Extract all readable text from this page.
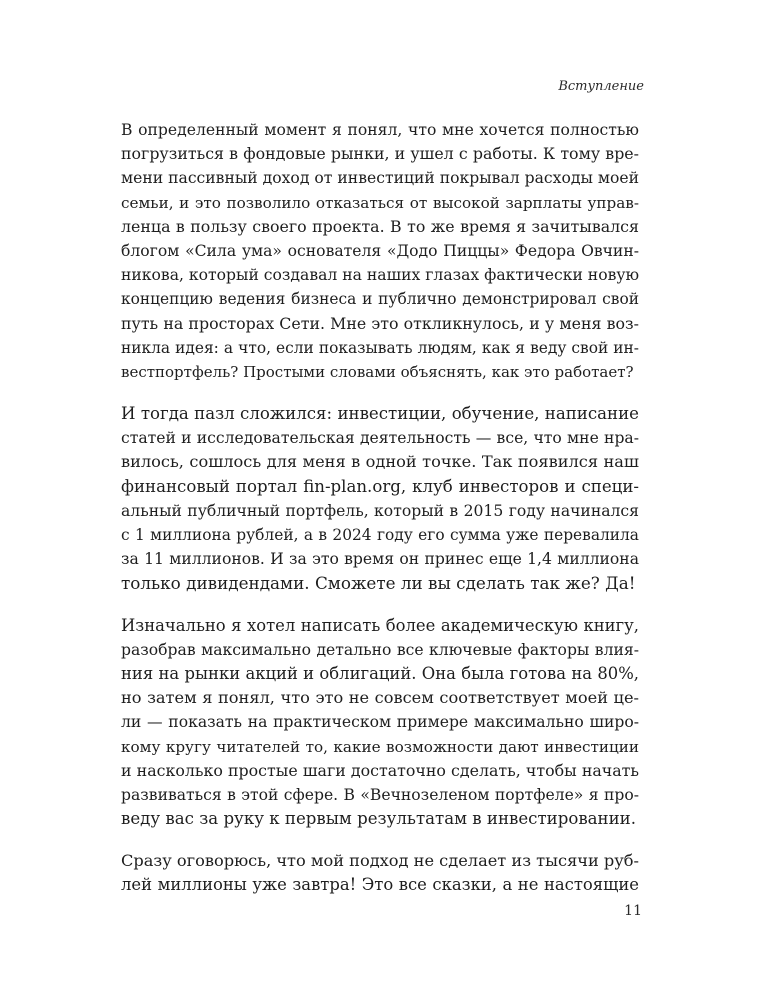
Вступление

В определенный момент я понял, что мне хочется полностью
погрузиться в фондовые рынки, и ушел с работы. К тому вре-
мени пассивный доход от инвестиций покрывал расходы моей
семьи, и это позволило отказаться от высокой зарплаты управ-
ленца в пользу своего проекта. В то же время я зачитывался
блогом «Сила ума» основателя «Додо Пиццы» Федора Овчин-
никова, который создавал на наших глазах фактически новую
концепцию ведения бизнеса и публично демонстрировал свой
путь на просторах Сети. Мне это откликнулось, и у меня воз-
никла идея: а что, если показывать людям, как я веду свой ин-
вестпортфель? Простыми словами объяснять, как это работает?

И тогда пазл сложился: инвестиции, обучение, написание
статей и исследовательская деятельность — все, что мне нра-
вилось, сошлось для меня в одной точке. Так появился наш
финансовый портал fin-plan.org, клуб инвесторов и специ-
альный публичный портфель, который в 2015 году начинался
с 1 миллиона рублей, а в 2024 году его сумма уже перевалила
за 11 миллионов. И за это время он принес еще 1,4 миллиона
только дивидендами. Сможете ли вы сделать так же? Да!

Изначально я хотел написать более академическую книгу,
разобрав максимально детально все ключевые факторы влия-
ния на рынки акций и облигаций. Она была готова на 80%,
но затем я понял, что это не совсем соответствует моей це-
ли — показать на практическом примере максимально широ-
кому кругу читателей то, какие возможности дают инвестиции
и насколько простые шаги достаточно сделать, чтобы начать
развиваться в этой сфере. В «Вечнозеленом портфеле» я про-
веду вас за руку к первым результатам в инвестировании.

Сразу оговорюсь, что мой подход не сделает из тысячи руб-
лей миллионы уже завтра! Это все сказки, а не настоящие

11
